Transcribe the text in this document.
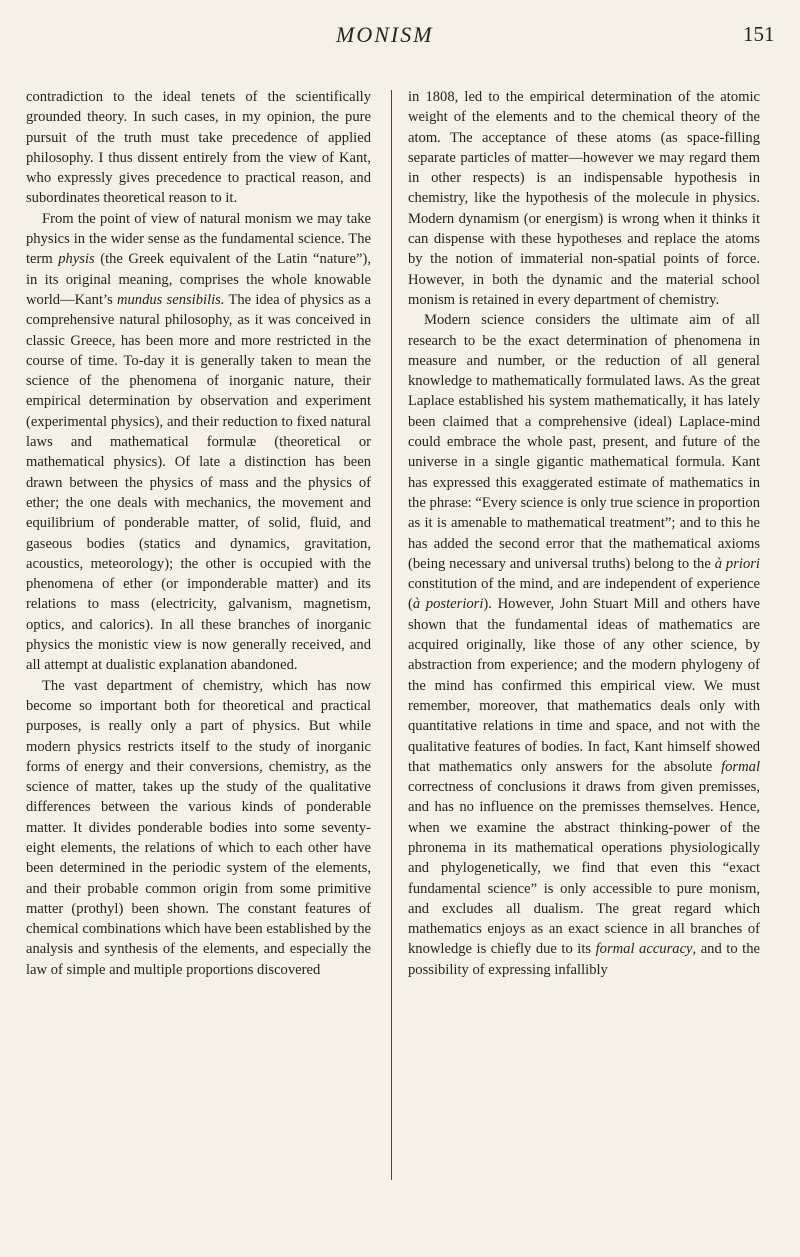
MONISM	151

contradiction to the ideal tenets of the scientifically grounded theory. In such cases, in my opinion, the pure pursuit of the truth must take precedence of applied philosophy. I thus dissent entirely from the view of Kant, who expressly gives precedence to practical reason, and subordinates theoretical reason to it.

From the point of view of natural monism we may take physics in the wider sense as the fundamental science. The term physis (the Greek equivalent of the Latin “nature”), in its original meaning, comprises the whole knowable world—Kant’s mundus sensibilis. The idea of physics as a comprehensive natural philosophy, as it was conceived in classic Greece, has been more and more restricted in the course of time. To-day it is generally taken to mean the science of the phenomena of inorganic nature, their empirical determination by observation and experiment (experimental physics), and their reduction to fixed natural laws and mathematical formulæ (theoretical or mathematical physics). Of late a distinction has been drawn between the physics of mass and the physics of ether; the one deals with mechanics, the movement and equilibrium of ponderable matter, of solid, fluid, and gaseous bodies (statics and dynamics, gravitation, acoustics, meteorology); the other is occupied with the phenomena of ether (or imponderable matter) and its relations to mass (electricity, galvanism, magnetism, optics, and calorics). In all these branches of inorganic physics the monistic view is now generally received, and all attempt at dualistic explanation abandoned.

The vast department of chemistry, which has now become so important both for theoretical and practical purposes, is really only a part of physics. But while modern physics restricts itself to the study of inorganic forms of energy and their conversions, chemistry, as the science of matter, takes up the study of the qualitative differences between the various kinds of ponderable matter. It divides ponderable bodies into some seventy-eight elements, the relations of which to each other have been determined in the periodic system of the elements, and their probable common origin from some primitive matter (prothyl) been shown. The constant features of chemical combinations which have been established by the analysis and synthesis of the elements, and especially the law of simple and multiple proportions discovered

in 1808, led to the empirical determination of the atomic weight of the elements and to the chemical theory of the atom. The acceptance of these atoms (as space-filling separate particles of matter—however we may regard them in other respects) is an indispensable hypothesis in chemistry, like the hypothesis of the molecule in physics. Modern dynamism (or energism) is wrong when it thinks it can dispense with these hypotheses and replace the atoms by the notion of immaterial non-spatial points of force. However, in both the dynamic and the material school monism is retained in every department of chemistry.

Modern science considers the ultimate aim of all research to be the exact determination of phenomena in measure and number, or the reduction of all general knowledge to mathematically formulated laws. As the great Laplace established his system mathematically, it has lately been claimed that a comprehensive (ideal) Laplace-mind could embrace the whole past, present, and future of the universe in a single gigantic mathematical formula. Kant has expressed this exaggerated estimate of mathematics in the phrase: “Every science is only true science in proportion as it is amenable to mathematical treatment”; and to this he has added the second error that the mathematical axioms (being necessary and universal truths) belong to the à priori constitution of the mind, and are independent of experience (à posteriori). However, John Stuart Mill and others have shown that the fundamental ideas of mathematics are acquired originally, like those of any other science, by abstraction from experience; and the modern phylogeny of the mind has confirmed this empirical view. We must remember, moreover, that mathematics deals only with quantitative relations in time and space, and not with the qualitative features of bodies. In fact, Kant himself showed that mathematics only answers for the absolute formal correctness of conclusions it draws from given premisses, and has no influence on the premisses themselves. Hence, when we examine the abstract thinking-power of the phronema in its mathematical operations physiologically and phylogenetically, we find that even this “exact fundamental science” is only accessible to pure monism, and excludes all dualism. The great regard which mathematics enjoys as an exact science in all branches of knowledge is chiefly due to its formal accuracy, and to the possibility of expressing infallibly
